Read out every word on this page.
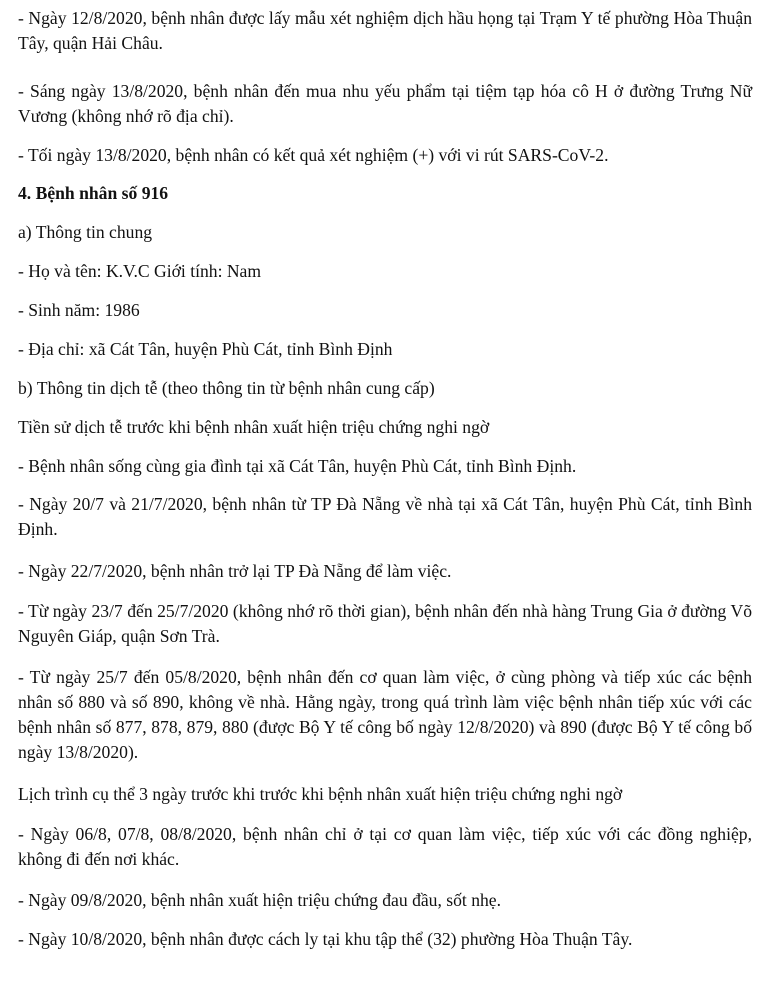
- Ngày 12/8/2020, bệnh nhân được lấy mẫu xét nghiệm dịch hầu họng tại Trạm Y tế phường Hòa Thuận Tây, quận Hải Châu.

- Sáng ngày 13/8/2020, bệnh nhân đến mua nhu yếu phẩm tại tiệm tạp hóa cô H ở đường Trưng Nữ Vương (không nhớ rõ địa chỉ).

- Tối ngày 13/8/2020, bệnh nhân có kết quả xét nghiệm (+) với vi rút SARS-CoV-2.

4. Bệnh nhân số 916

a) Thông tin chung

- Họ và tên: K.V.C Giới tính: Nam

- Sinh năm: 1986

- Địa chỉ: xã Cát Tân, huyện Phù Cát, tỉnh Bình Định

b) Thông tin dịch tễ (theo thông tin từ bệnh nhân cung cấp)

Tiền sử dịch tễ trước khi bệnh nhân xuất hiện triệu chứng nghi ngờ

- Bệnh nhân sống cùng gia đình tại xã Cát Tân, huyện Phù Cát, tỉnh Bình Định.

- Ngày 20/7 và 21/7/2020, bệnh nhân từ TP Đà Nẵng về nhà tại xã Cát Tân, huyện Phù Cát, tỉnh Bình Định.

- Ngày 22/7/2020, bệnh nhân trở lại TP Đà Nẵng để làm việc.

- Từ ngày 23/7 đến 25/7/2020 (không nhớ rõ thời gian), bệnh nhân đến nhà hàng Trung Gia ở đường Võ Nguyên Giáp, quận Sơn Trà.

- Từ ngày 25/7 đến 05/8/2020, bệnh nhân đến cơ quan làm việc, ở cùng phòng và tiếp xúc các bệnh nhân số 880 và số 890, không về nhà. Hằng ngày, trong quá trình làm việc bệnh nhân tiếp xúc với các bệnh nhân số 877, 878, 879, 880 (được Bộ Y tế công bố ngày 12/8/2020) và 890 (được Bộ Y tế công bố ngày 13/8/2020).

Lịch trình cụ thể 3 ngày trước khi trước khi bệnh nhân xuất hiện triệu chứng nghi ngờ

- Ngày 06/8, 07/8, 08/8/2020, bệnh nhân chỉ ở tại cơ quan làm việc, tiếp xúc với các đồng nghiệp, không đi đến nơi khác.

- Ngày 09/8/2020, bệnh nhân xuất hiện triệu chứng đau đầu, sốt nhẹ.

- Ngày 10/8/2020, bệnh nhân được cách ly tại khu tập thể (32) phường Hòa Thuận Tây.
